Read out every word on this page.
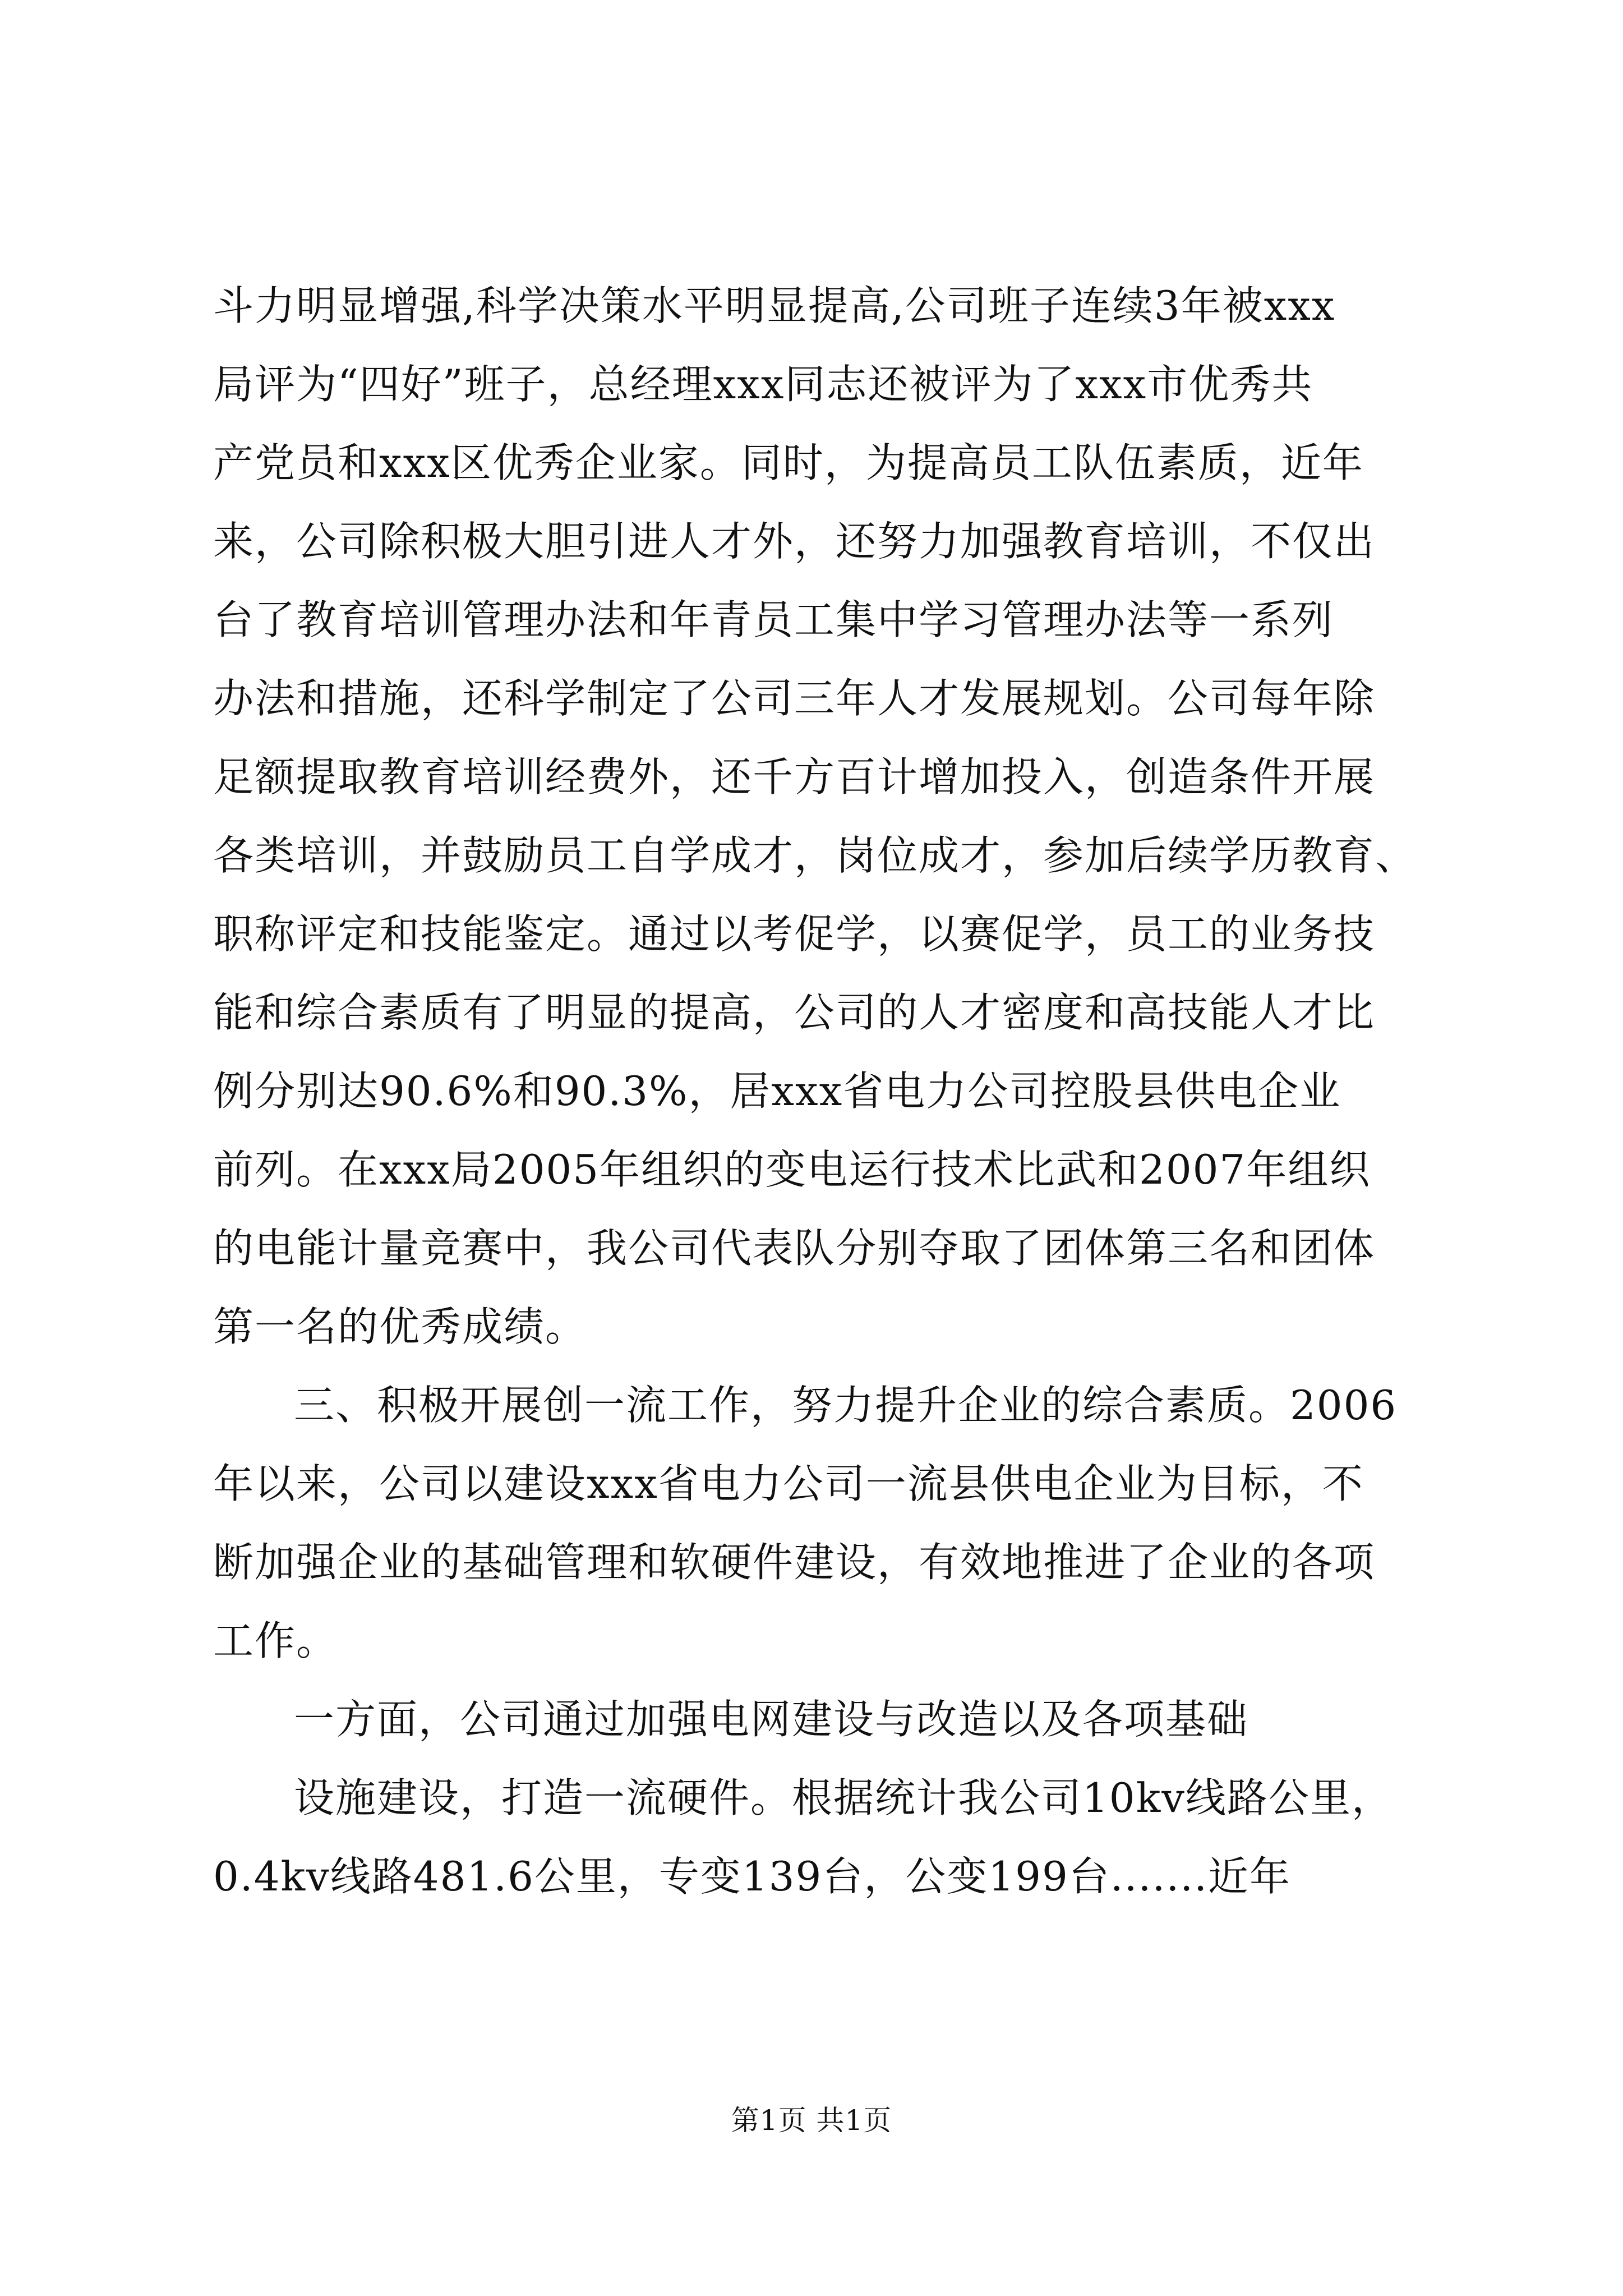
斗力明显增强,科学决策水平明显提高,公司班子连续3年被xxx
局评为“四好”班子，总经理xxx同志还被评为了xxx市优秀共
产党员和xxx区优秀企业家。同时，为提高员工队伍素质，近年
来，公司除积极大胆引进人才外，还努力加强教育培训，不仅出
台了教育培训管理办法和年青员工集中学习管理办法等一系列
办法和措施，还科学制定了公司三年人才发展规划。公司每年除
足额提取教育培训经费外，还千方百计增加投入，创造条件开展
各类培训，并鼓励员工自学成才，岗位成才，参加后续学历教育、
职称评定和技能鉴定。通过以考促学，以赛促学，员工的业务技
能和综合素质有了明显的提高，公司的人才密度和高技能人才比
例分别达90.6%和90.3%，居xxx省电力公司控股县供电企业
前列。在xxx局2005年组织的变电运行技术比武和2007年组织
的电能计量竞赛中，我公司代表队分别夺取了团体第三名和团体
第一名的优秀成绩。
三、积极开展创一流工作，努力提升企业的综合素质。2006
年以来，公司以建设xxx省电力公司一流县供电企业为目标，不
断加强企业的基础管理和软硬件建设，有效地推进了企业的各项
工作。
一方面，公司通过加强电网建设与改造以及各项基础
设施建设，打造一流硬件。根据统计我公司10kv线路公里，
0.4kv线路481.6公里，专变139台，公变199台.......近年
第1页 共1页
